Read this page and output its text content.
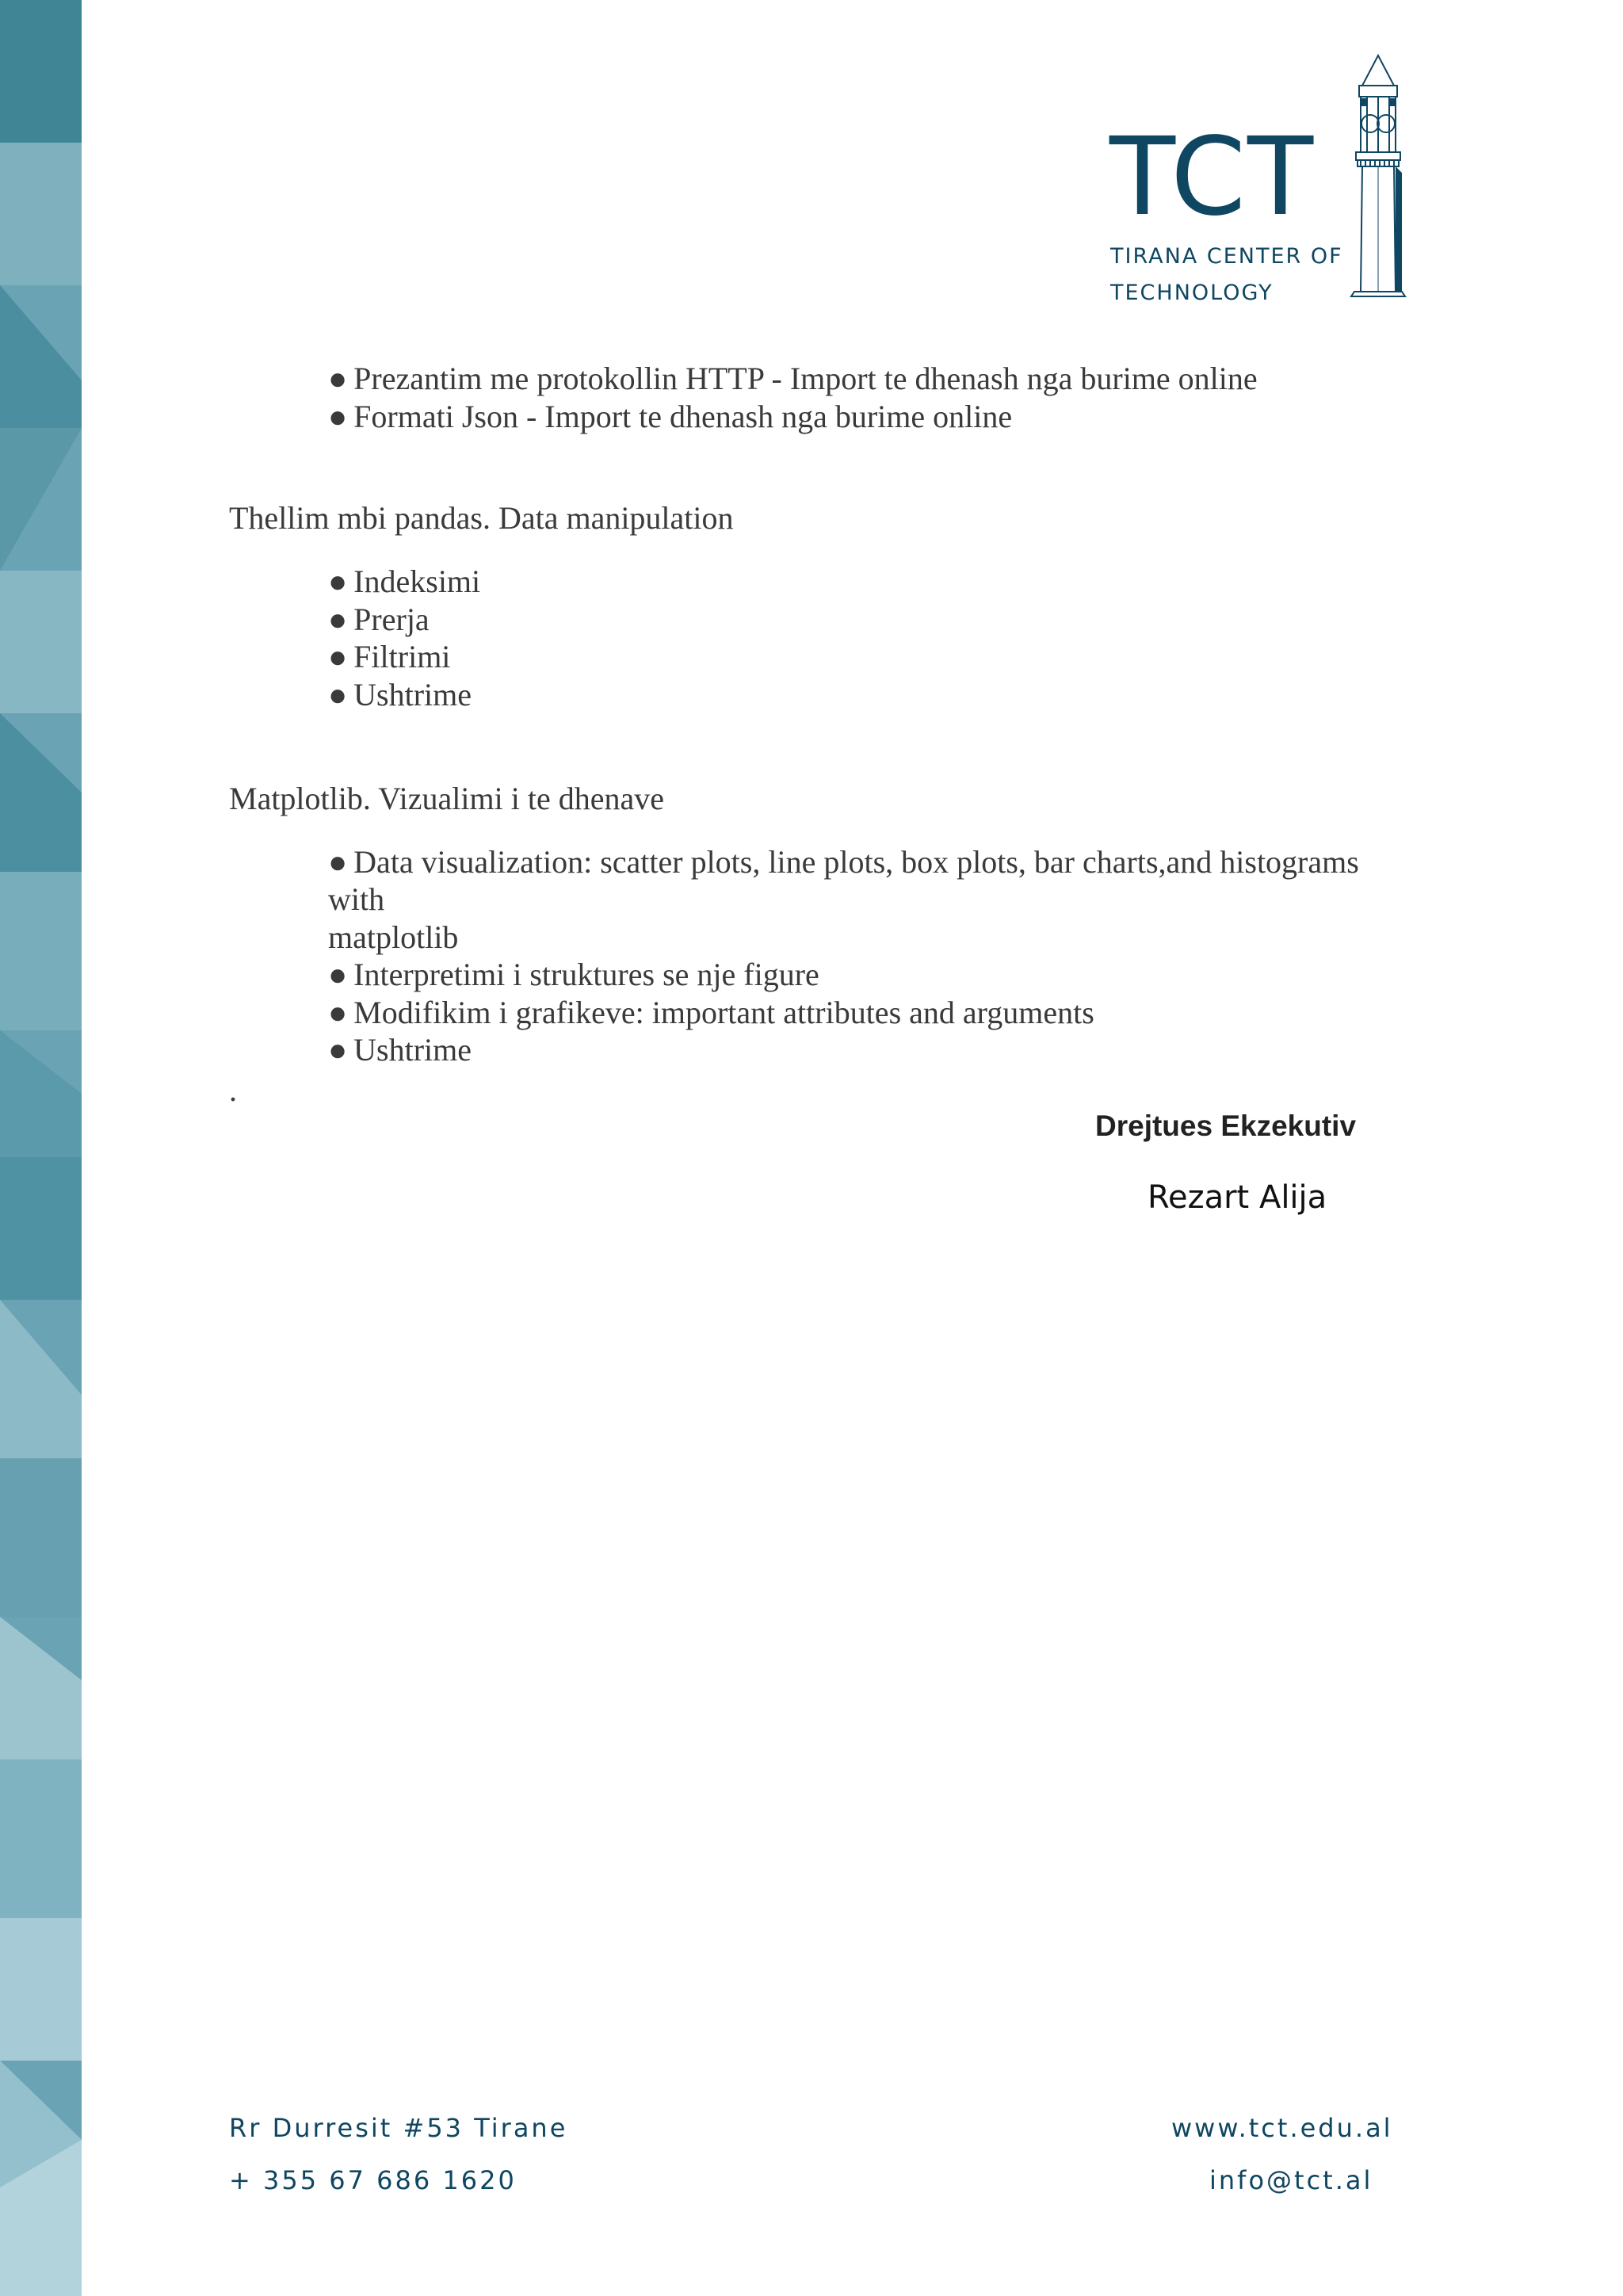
TCT
TIRANA CENTER OF
TECHNOLOGY
● Prezantim me protokollin HTTP - Import te dhenash nga burime online
● Formati Json - Import te dhenash nga burime online
Thellim mbi pandas. Data manipulation
● Indeksimi
● Prerja
● Filtrimi
● Ushtrime
Matplotlib. Vizualimi i te dhenave
● Data visualization: scatter plots, line plots, box plots, bar charts,and histograms
with
matplotlib
● Interpretimi i struktures se nje figure
● Modifikim i grafikeve: important attributes and arguments
● Ushtrime
.
Drejtues Ekzekutiv
Rezart Alija
Rr Durresit #53 Tirane
+ 355 67 686 1620
www.tct.edu.al
info@tct.al
